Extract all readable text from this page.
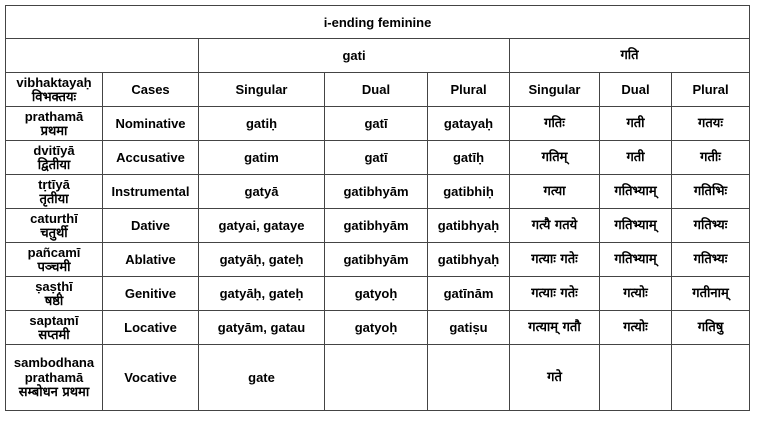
i-ending feminine							
		gati			गति		

vibhaktayaḥ
विभक्तयः	Cases	Singular	Dual	Plural	Singular	Dual	Plural

prathamā
प्रथमा	Nominative	gatiḥ	gatī	gatayaḥ	गतिः	गती	गतयः

dvitīyā
द्वितीया	Accusative	gatim	gatī	gatīḥ	गतिम्	गती	गतीः

tṛtīyā
तृतीया	Instrumental	gatyā	gatibhyām	gatibhiḥ	गत्या	गतिभ्याम्	गतिभिः

caturthī
चतुर्थी	Dative	gatyai, gataye	gatibhyām	gatibhyaḥ	गत्यै गतये	गतिभ्याम्	गतिभ्यः

pañcamī
पञ्चमी	Ablative	gatyāḥ, gateḥ	gatibhyām	gatibhyaḥ	गत्याः गतेः	गतिभ्याम्	गतिभ्यः

ṣaṣṭhī
षष्ठी	Genitive	gatyāḥ, gateḥ	gatyoḥ	gatīnām	गत्याः गतेः	गत्योः	गतीनाम्

saptamī
सप्तमी	Locative	gatyām, gatau	gatyoḥ	gatiṣu	गत्याम् गतौ	गत्योः	गतिषु

sambodhana
prathamā
सम्बोधन प्रथमा	Vocative	gate			गते		
